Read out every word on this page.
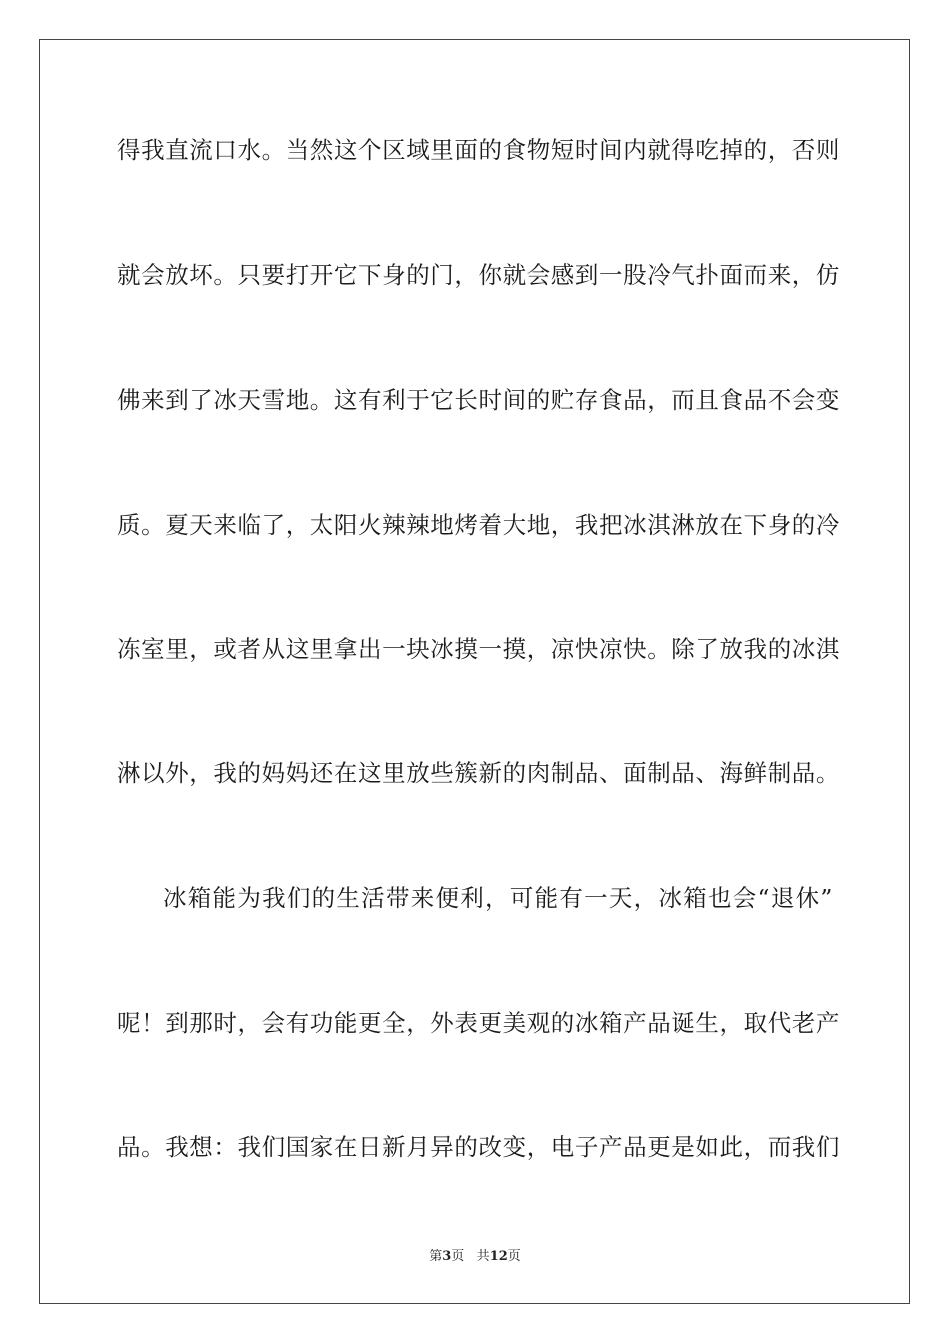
得我直流口水。当然这个区域里面的食物短时间内就得吃掉的，否则
就会放坏。只要打开它下身的门，你就会感到一股冷气扑面而来，仿
佛来到了冰天雪地。这有利于它长时间的贮存食品，而且食品不会变
质。夏天来临了，太阳火辣辣地烤着大地，我把冰淇淋放在下身的冷
冻室里，或者从这里拿出一块冰摸一摸，凉快凉快。除了放我的冰淇
淋以外，我的妈妈还在这里放些簇新的肉制品、面制品、海鲜制品。
冰箱能为我们的生活带来便利，可能有一天，冰箱也会“退休”
呢！到那时，会有功能更全，外表更美观的冰箱产品诞生，取代老产
品。我想：我们国家在日新月异的改变，电子产品更是如此，而我们
第3页 共12页
